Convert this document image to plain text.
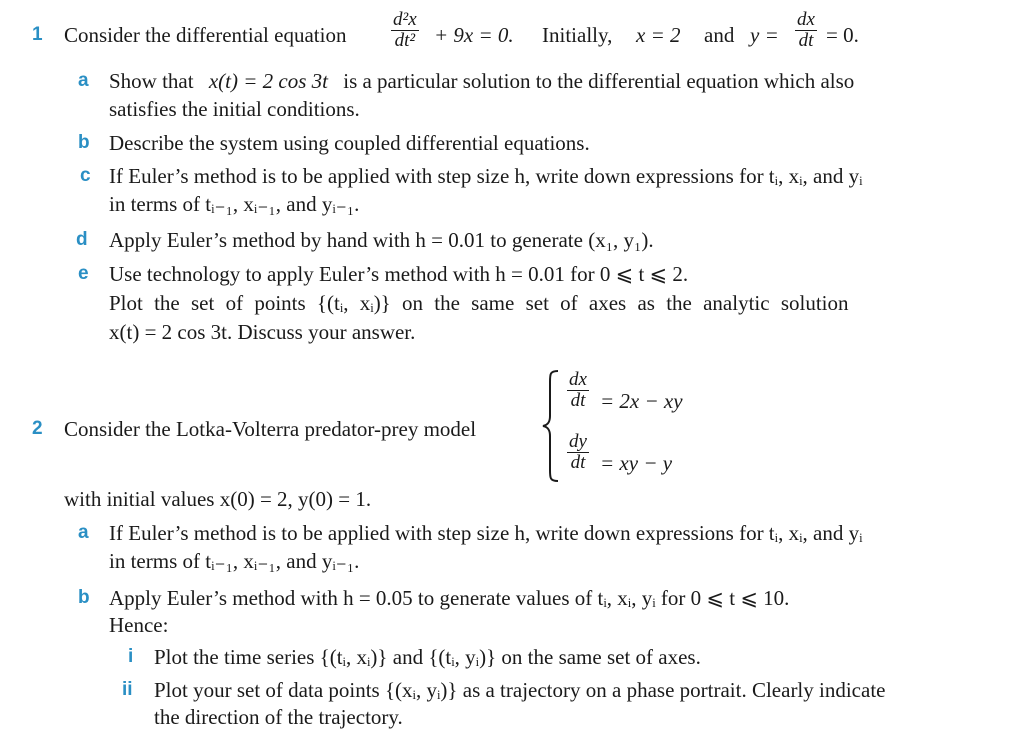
1 Consider the differential equation $\frac{\text{d²x}}{\text{dt²}} + 9x = 0$. Initially, x = 2 and $y = \frac{dx}{dt} = 0$.
a Show that x(t) = 2 cos 3t is a particular solution to the differential equation which also
satisfies the initial conditions.
b Describe the system using coupled differential equations.
c If Euler’s method is to be applied with step size h, write down expressions for tᵢ, xᵢ, and yᵢ
in terms of tᵢ₋₁, xᵢ₋₁, and yᵢ₋₁.
d Apply Euler’s method by hand with h = 0.01 to generate (x₁, y₁).
e Use technology to apply Euler’s method with h = 0.01 for 0 ⩽ t ⩽ 2.
Plot the set of points {(tᵢ, xᵢ)} on the same set of axes as the analytic solution
x(t) = 2 cos 3t. Discuss your answer.
2 Consider the Lotka-Volterra predator-prey model
$\frac{dx}{dt} = 2x$ − xy
$\frac{dy}{dt}$ = xy − y
with initial values x(0) = 2, y(0) = 1.
a If Euler’s method is to be applied with step size h, write down expressions for tᵢ, xᵢ, and yᵢ
in terms of tᵢ₋₁, xᵢ₋₁, and yᵢ₋₁.
b Apply Euler’s method with h = 0.05 to generate values of tᵢ, xᵢ, yᵢ for 0 ⩽ t ⩽ 10.
Hence:
i Plot the time series {(tᵢ, xᵢ)} and {(tᵢ, yᵢ)} on the same set of axes.
ii Plot your set of data points {(xᵢ, yᵢ)} as a trajectory on a phase portrait. Clearly indicate
the direction of the trajectory.
